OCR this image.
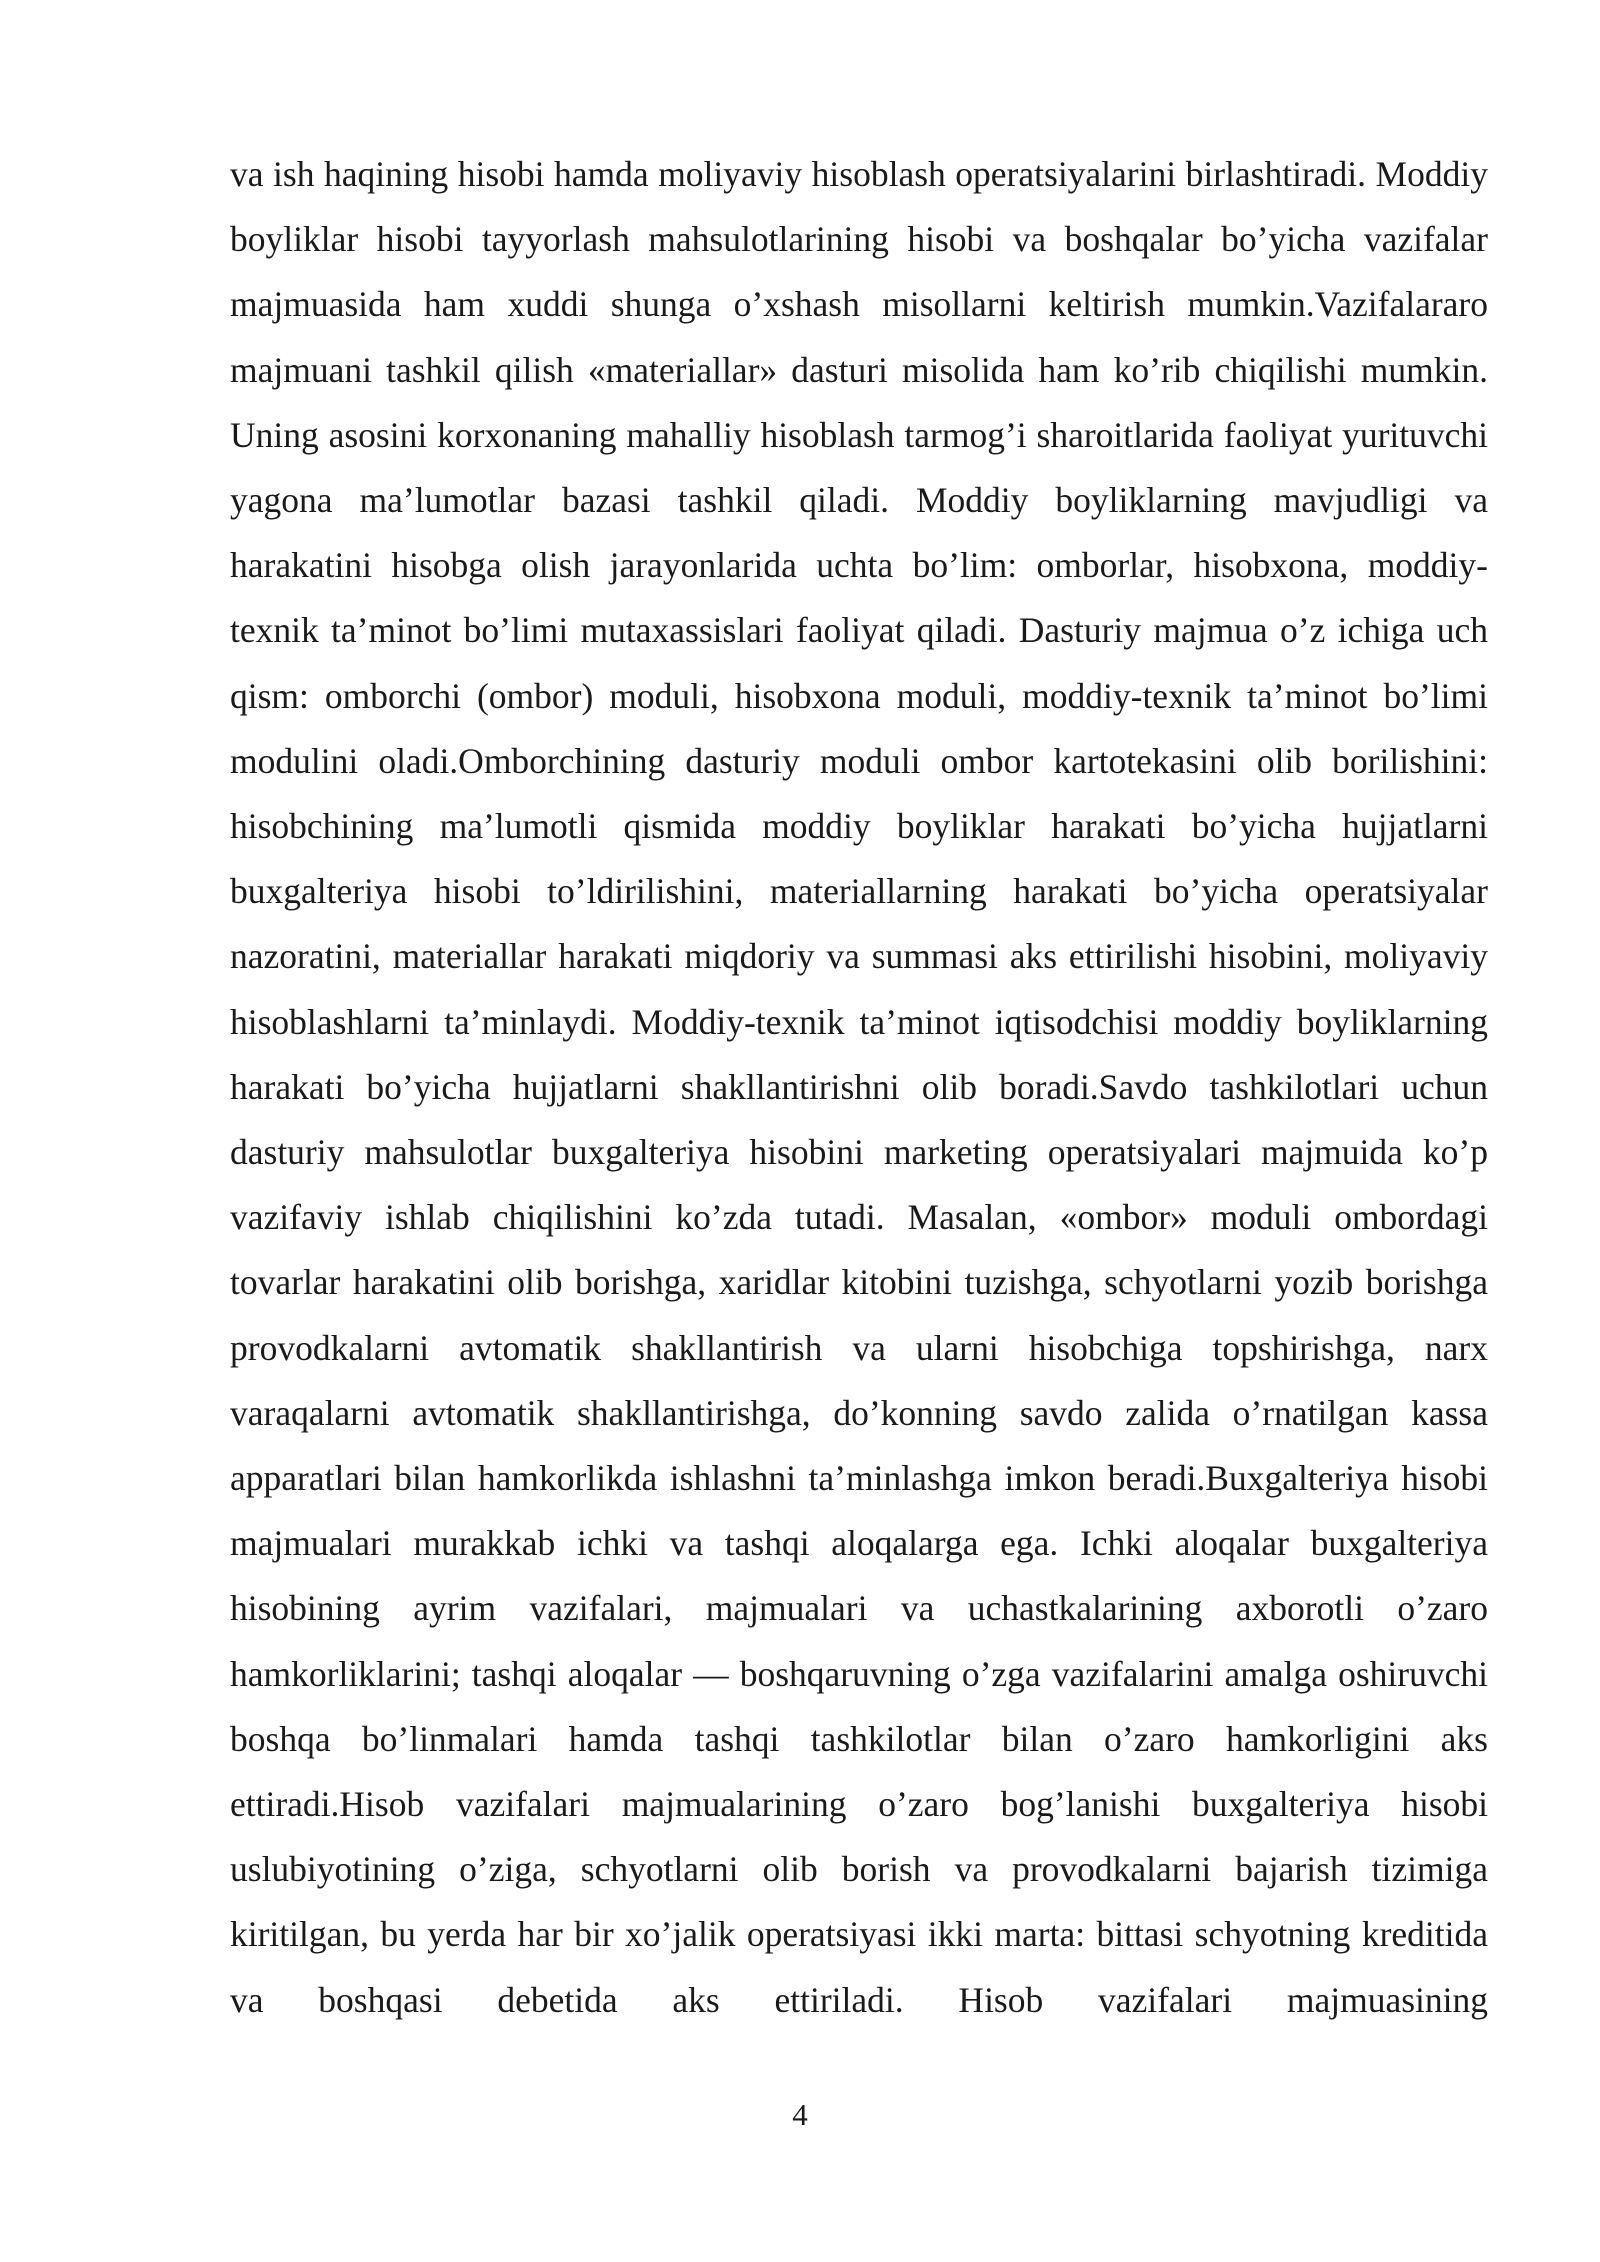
va ish haqining hisobi hamda moliyaviy hisoblash operatsiyalarini birlashtiradi. Moddiy boyliklar hisobi tayyorlash mahsulotlarining hisobi va boshqalar bo’yicha vazifalar majmuasida ham xuddi shunga o’xshash misollarni keltirish mumkin.Vazifalararo majmuani tashkil qilish «materiallar» dasturi misolida ham ko’rib chiqilishi mumkin. Uning asosini korxonaning mahalliy hisoblash tarmog’i sharoitlarida faoliyat yurituvchi yagona ma’lumotlar bazasi tashkil qiladi. Moddiy boyliklarning mavjudligi va harakatini hisobga olish jarayonlarida uchta bo’lim: omborlar, hisobxona, moddiy-texnik ta’minot bo’limi mutaxassislari faoliyat qiladi. Dasturiy majmua o’z ichiga uch qism: omborchi (ombor) moduli, hisobxona moduli, moddiy-texnik ta’minot bo’limi modulini oladi.Omborchining dasturiy moduli ombor kartotekasini olib borilishini: hisobchining ma’lumotli qismida moddiy boyliklar harakati bo’yicha hujjatlarni buxgalteriya hisobi to’ldirilishini, materiallarning harakati bo’yicha operatsiyalar nazoratini, materiallar harakati miqdoriy va summasi aks ettirilishi hisobini, moliyaviy hisoblashlarni ta’minlaydi. Moddiy-texnik ta’minot iqtisodchisi moddiy boyliklarning harakati bo’yicha hujjatlarni shakllantirishni olib boradi.Savdo tashkilotlari uchun dasturiy mahsulotlar buxgalteriya hisobini marketing operatsiyalari majmuida ko’p vazifaviy ishlab chiqilishini ko’zda tutadi. Masalan, «ombor» moduli ombordagi tovarlar harakatini olib borishga, xaridlar kitobini tuzishga, schyotlarni yozib borishga provodkalarni avtomatik shakllantirish va ularni hisobchiga topshirishga, narx varaqalarni avtomatik shakllantirishga, do’konning savdo zalida o’rnatilgan kassa apparatlari bilan hamkorlikda ishlashni ta’minlashga imkon beradi.Buxgalteriya hisobi majmualari murakkab ichki va tashqi aloqalarga ega. Ichki aloqalar buxgalteriya hisobining ayrim vazifalari, majmualari va uchastkalarining axborotli o’zaro hamkorliklarini; tashqi aloqalar — boshqaruvning o’zga vazifalarini amalga oshiruvchi boshqa bo’linmalari hamda tashqi tashkilotlar bilan o’zaro hamkorligini aks ettiradi.Hisob vazifalari majmualarining o’zaro bog’lanishi buxgalteriya hisobi uslubiyotining o’ziga, schyotlarni olib borish va provodkalarni bajarish tizimiga kiritilgan, bu yerda har bir xo’jalik operatsiyasi ikki marta: bittasi schyotning kreditida va boshqasi debetida aks ettiriladi. Hisob vazifalari majmuasining

4
